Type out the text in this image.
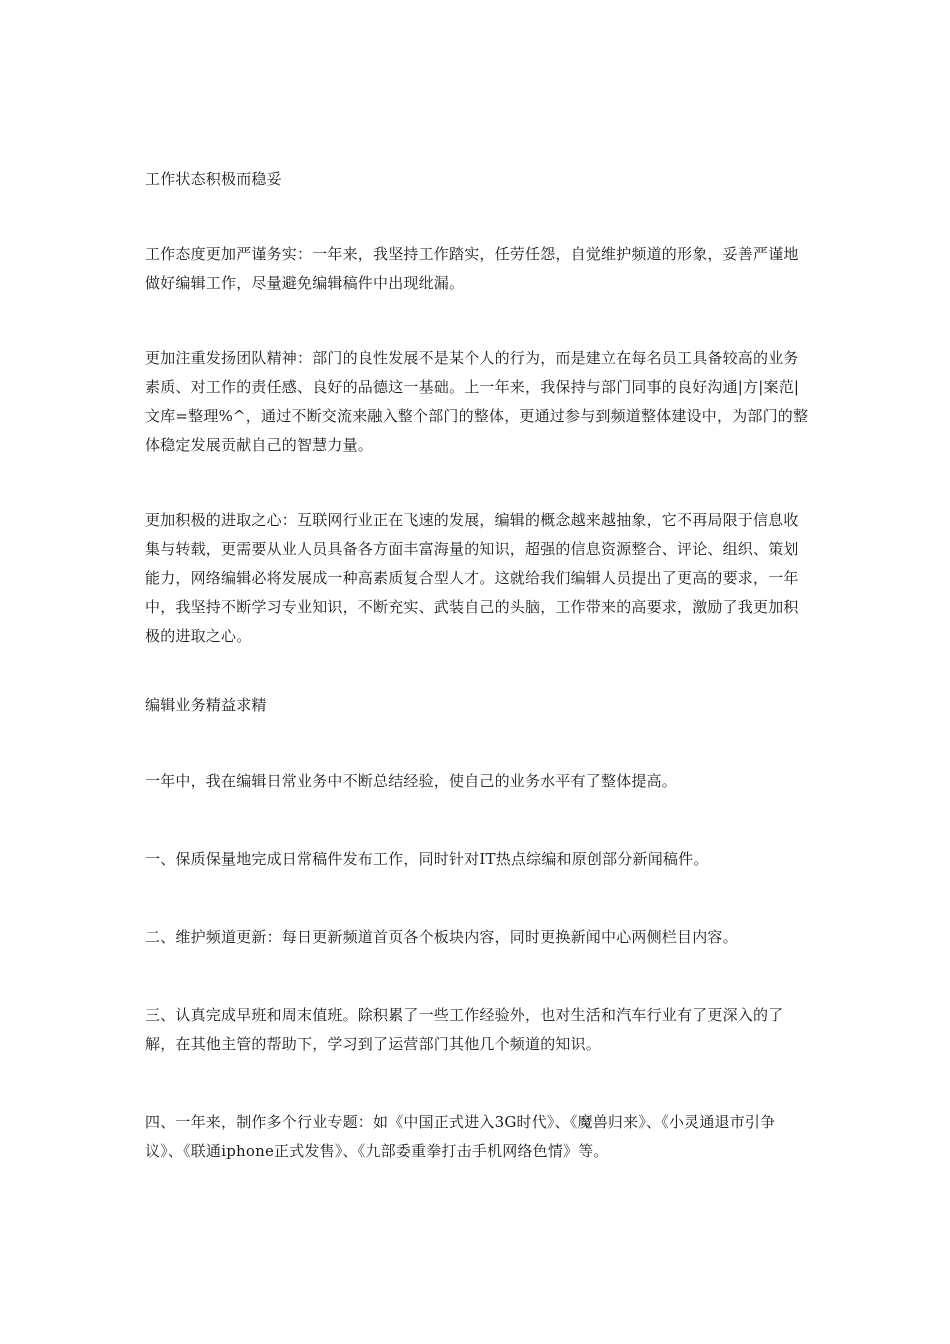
工作状态积极而稳妥

工作态度更加严谨务实：一年来，我坚持工作踏实，任劳任怨，自觉维护频道的形象，妥善严谨地做好编辑工作，尽量避免编辑稿件中出现纰漏。

更加注重发扬团队精神：部门的良性发展不是某个人的行为，而是建立在每名员工具备较高的业务素质、对工作的责任感、良好的品德这一基础。上一年来，我保持与部门同事的良好沟通|方|案范|文库=整理%^，通过不断交流来融入整个部门的整体，更通过参与到频道整体建设中，为部门的整体稳定发展贡献自己的智慧力量。

更加积极的进取之心：互联网行业正在飞速的发展，编辑的概念越来越抽象，它不再局限于信息收集与转载，更需要从业人员具备各方面丰富海量的知识，超强的信息资源整合、评论、组织、策划能力，网络编辑必将发展成一种高素质复合型人才。这就给我们编辑人员提出了更高的要求，一年中，我坚持不断学习专业知识，不断充实、武装自己的头脑，工作带来的高要求，激励了我更加积极的进取之心。

编辑业务精益求精

一年中，我在编辑日常业务中不断总结经验，使自己的业务水平有了整体提高。

一、保质保量地完成日常稿件发布工作，同时针对IT热点综编和原创部分新闻稿件。

二、维护频道更新：每日更新频道首页各个板块内容，同时更换新闻中心两侧栏目内容。

三、认真完成早班和周末值班。除积累了一些工作经验外，也对生活和汽车行业有了更深入的了解，在其他主管的帮助下，学习到了运营部门其他几个频道的知识。

四、一年来，制作多个行业专题：如《中国正式进入3G时代》、《魔兽归来》、《小灵通退市引争议》、《联通iphone正式发售》、《九部委重拳打击手机网络色情》等。
